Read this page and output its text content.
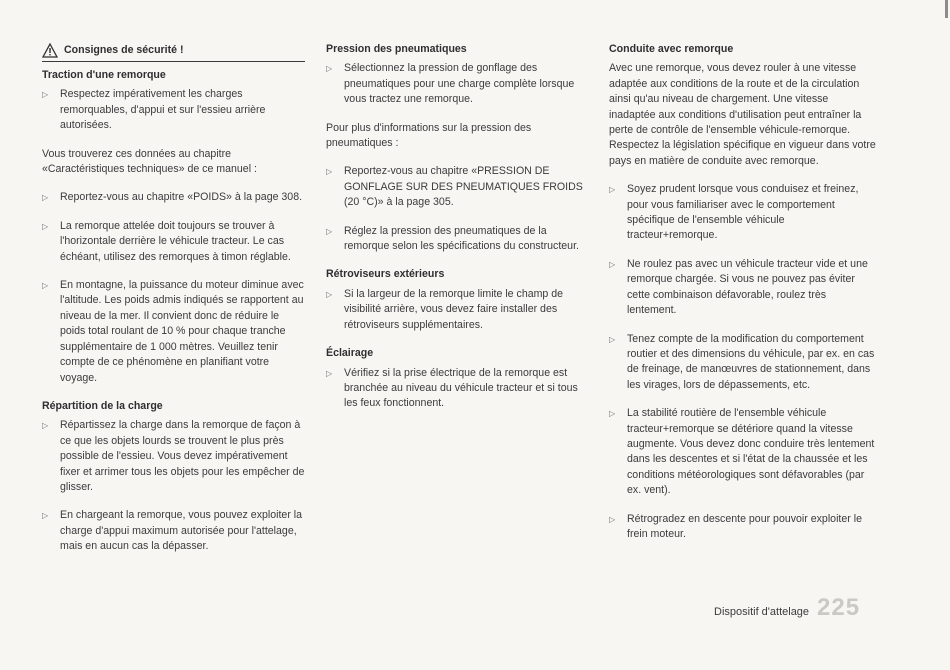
Consignes de sécurité !
Traction d'une remorque
▷	Respectez impérativement les charges remorquables, d'appui et sur l'essieu arrière autorisées.

Vous trouverez ces données au chapitre «Caractéristiques techniques» de ce manuel :

▷	Reportez-vous au chapitre «POIDS» à la page 308.
▷	La remorque attelée doit toujours se trouver à l'horizontale derrière le véhicule tracteur. Le cas échéant, utilisez des remorques à timon réglable.
▷	En montagne, la puissance du moteur diminue avec l'altitude. Les poids admis indiqués se rapportent au niveau de la mer. Il convient donc de réduire le poids total roulant de 10 % pour chaque tranche supplémentaire de 1 000 mètres. Veuillez tenir compte de ce phénomène en planifiant votre voyage.
Répartition de la charge
▷	Répartissez la charge dans la remorque de façon à ce que les objets lourds se trouvent le plus près possible de l'essieu. Vous devez impérativement fixer et arrimer tous les objets pour les empêcher de glisser.
▷	En chargeant la remorque, vous pouvez exploiter la charge d'appui maximum autorisée pour l'attelage, mais en aucun cas la dépasser.
Pression des pneumatiques
▷	Sélectionnez la pression de gonflage des pneumatiques pour une charge complète lorsque vous tractez une remorque.

Pour plus d'informations sur la pression des pneumatiques :

▷	Reportez-vous au chapitre «PRESSION DE GONFLAGE SUR DES PNEUMATIQUES FROIDS (20 °C)» à la page 305.
▷	Réglez la pression des pneumatiques de la remorque selon les spécifications du constructeur.
Rétroviseurs extérieurs
▷	Si la largeur de la remorque limite le champ de visibilité arrière, vous devez faire installer des rétroviseurs supplémentaires.
Éclairage
▷	Vérifiez si la prise électrique de la remorque est branchée au niveau du véhicule tracteur et si tous les feux fonctionnent.
Conduite avec remorque

Avec une remorque, vous devez rouler à une vitesse adaptée aux conditions de la route et de la circulation ainsi qu'au niveau de chargement. Une vitesse inadaptée aux conditions d'utilisation peut entraîner la perte de contrôle de l'ensemble véhicule-remorque. Respectez la législation spécifique en vigueur dans votre pays en matière de conduite avec remorque.

▷	Soyez prudent lorsque vous conduisez et freinez, pour vous familiariser avec le comportement spécifique de l'ensemble véhicule tracteur+remorque.
▷	Ne roulez pas avec un véhicule tracteur vide et une remorque chargée. Si vous ne pouvez pas éviter cette combinaison défavorable, roulez très lentement.
▷	Tenez compte de la modification du comportement routier et des dimensions du véhicule, par ex. en cas de freinage, de manœuvres de stationnement, dans les virages, lors de dépassements, etc.
▷	La stabilité routière de l'ensemble véhicule tracteur+remorque se détériore quand la vitesse augmente. Vous devez donc conduire très lentement dans les descentes et si l'état de la chaussée et les conditions météorologiques sont défavorables (par ex. vent).
▷	Rétrogradez en descente pour pouvoir exploiter le frein moteur.
Dispositif d'attelage 225
